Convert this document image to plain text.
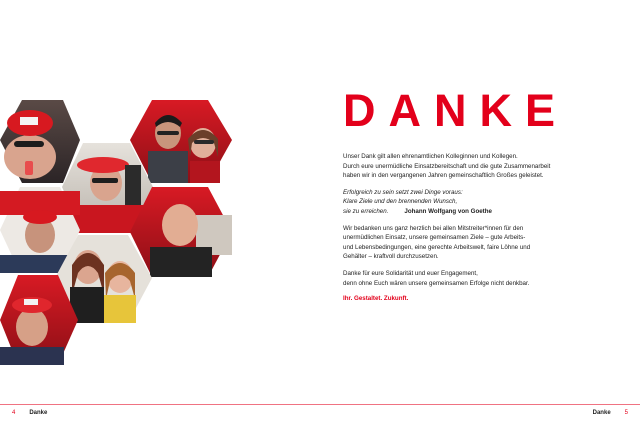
DANKE

Unser Dank gilt allen ehrenamtlichen Kolleginnen und Kollegen.
Durch eure unermüdliche Einsatzbereitschaft und die gute Zusammenarbeit
haben wir in den vergangenen Jahren gemeinschaftlich Großes geleistet.

Erfolgreich zu sein setzt zwei Dinge voraus:
Klare Ziele und den brennenden Wunsch,
sie zu erreichen.	Johann Wolfgang von Goethe

Wir bedanken uns ganz herzlich bei allen Mitstreiter*innen für den
unermüdlichen Einsatz, unsere gemeinsamen Ziele – gute Arbeits-
und Lebensbedingungen, eine gerechte Arbeitswelt, faire Löhne und
Gehälter – kraftvoll durchzusetzen.

Danke für eure Solidarität und euer Engagement,
denn ohne Euch wären unsere gemeinsamen Erfolge nicht denkbar.

Ihr. Gestaltet. Zukunft.
4 Danke	Danke 5
